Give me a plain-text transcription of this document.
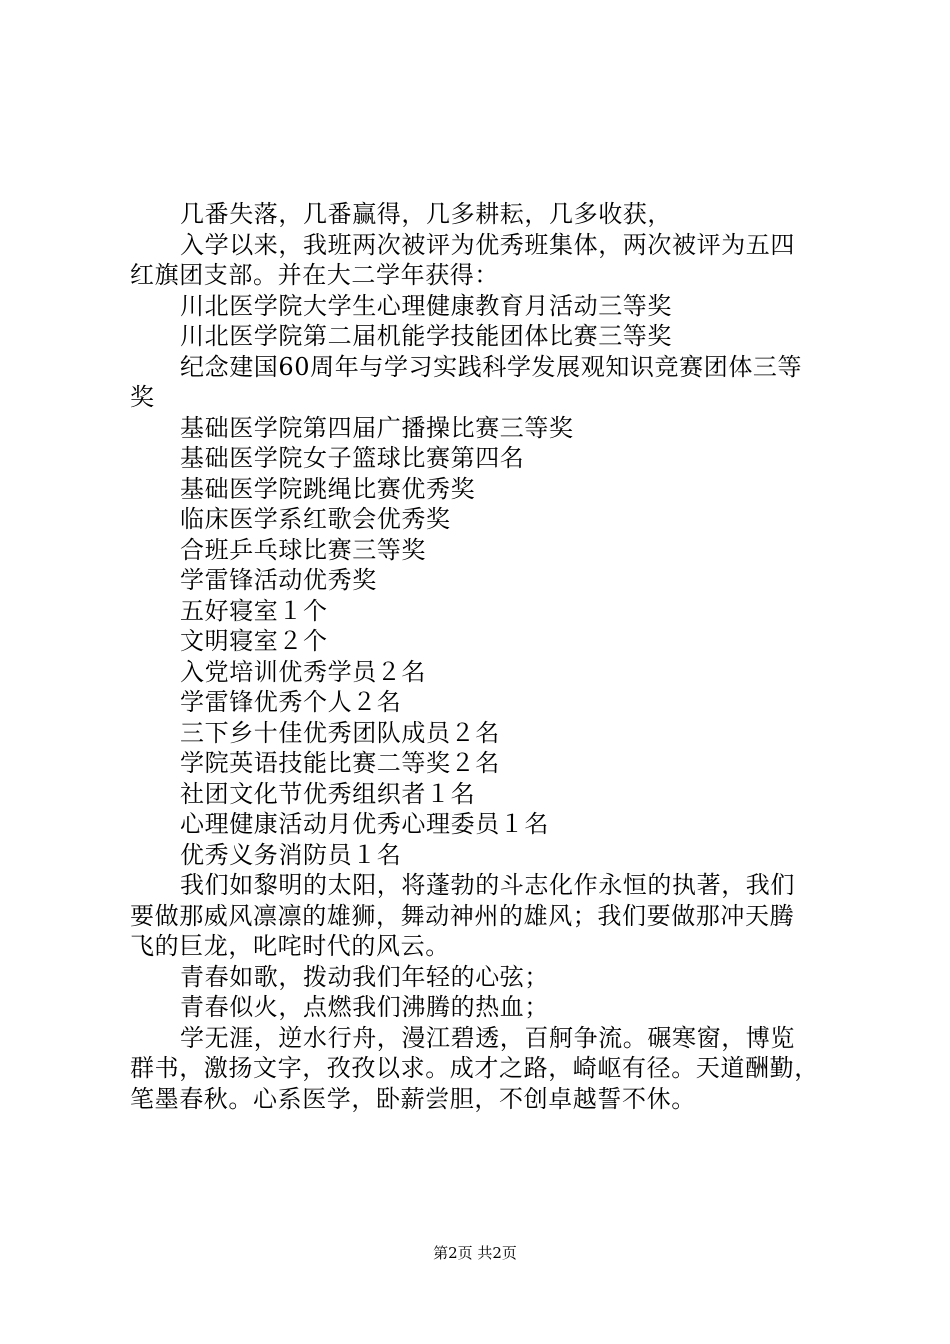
几番失落，几番赢得，几多耕耘，几多收获，
入学以来，我班两次被评为优秀班集体，两次被评为五四
红旗团支部。并在大二学年获得：
川北医学院大学生心理健康教育月活动三等奖
川北医学院第二届机能学技能团体比赛三等奖
纪念建国60周年与学习实践科学发展观知识竞赛团体三等
奖
基础医学院第四届广播操比赛三等奖
基础医学院女子篮球比赛第四名
基础医学院跳绳比赛优秀奖
临床医学系红歌会优秀奖
合班乒乓球比赛三等奖
学雷锋活动优秀奖
五好寝室１个
文明寝室２个
入党培训优秀学员２名
学雷锋优秀个人２名
三下乡十佳优秀团队成员２名
学院英语技能比赛二等奖２名
社团文化节优秀组织者１名
心理健康活动月优秀心理委员１名
优秀义务消防员１名
我们如黎明的太阳，将蓬勃的斗志化作永恒的执著，我们
要做那威风凛凛的雄狮，舞动神州的雄风；我们要做那冲天腾
飞的巨龙，叱咤时代的风云。
青春如歌，拨动我们年轻的心弦；
青春似火，点燃我们沸腾的热血；
学无涯，逆水行舟，漫江碧透，百舸争流。碾寒窗，博览
群书，激扬文字，孜孜以求。成才之路，崎岖有径。天道酬勤，
笔墨春秋。心系医学，卧薪尝胆，不创卓越誓不休。
第2页 共2页
